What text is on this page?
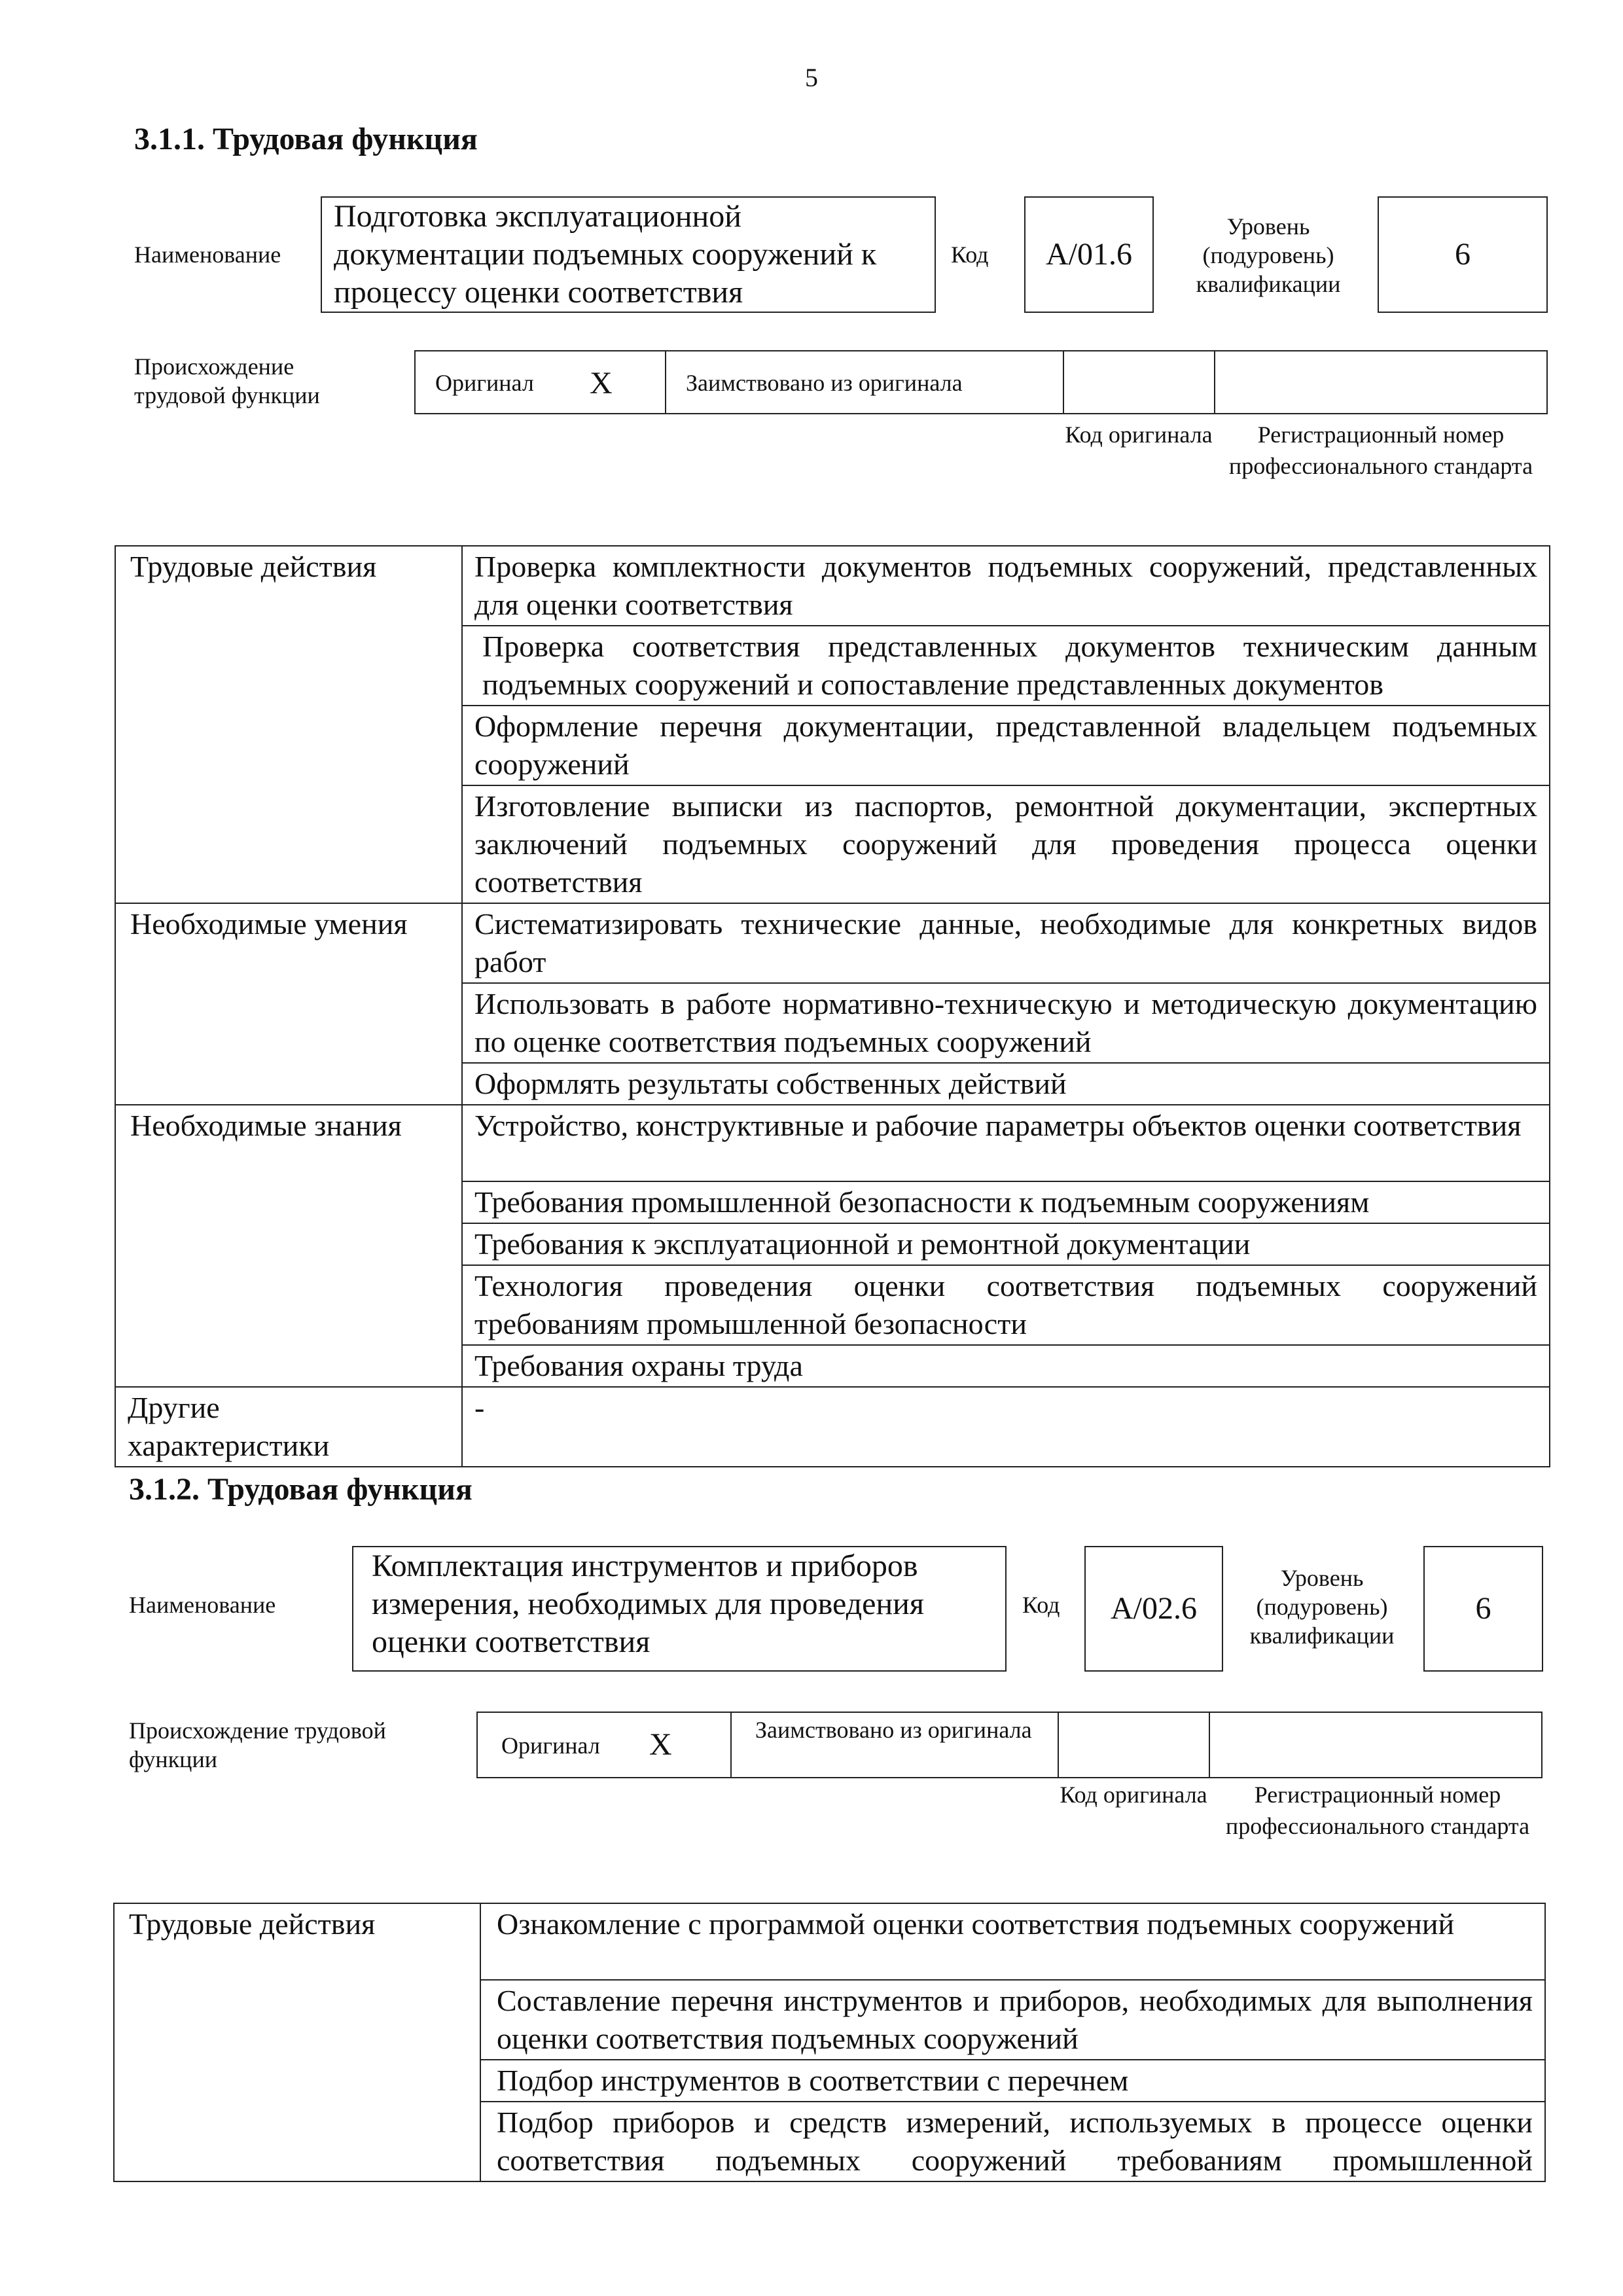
5
3.1.1. Трудовая функция
Наименование
Подготовка эксплуатационной документации подъемных сооружений к процессу оценки соответствия
Код А/01.6
Уровень (подуровень) квалификации
6
Происхождение трудовой функции	Оригинал Х	Заимствовано из оригинала
Код оригинала	Регистрационный номер профессионального стандарта
Трудовые действия	Проверка комплектности документов подъемных сооружений, представленных для оценки соответствия
	Проверка соответствия представленных документов техническим данным подъемных сооружений и сопоставление представленных документов
	Оформление перечня документации, представленной владельцем подъемных сооружений
	Изготовление выписки из паспортов, ремонтной документации, экспертных заключений подъемных сооружений для проведения процесса оценки соответствия
Необходимые умения	Систематизировать технические данные, необходимые для конкретных видов работ
	Использовать в работе нормативно-техническую и методическую документацию по оценке соответствия подъемных сооружений
	Оформлять результаты собственных действий
Необходимые знания	Устройство, конструктивные и рабочие параметры объектов оценки соответствия
	Требования промышленной безопасности к подъемным сооружениям
	Требования к эксплуатационной и ремонтной документации
	Технология проведения оценки соответствия подъемных сооружений требованиям промышленной безопасности
	Требования охраны труда
Другие характеристики	-
3.1.2. Трудовая функция
Наименование
Комплектация инструментов и приборов измерения, необходимых для проведения оценки соответствия
Код А/02.6
Уровень (подуровень) квалификации
6
Происхождение трудовой функции
Оригинал Х	Заимствовано из оригинала
Код оригинала	Регистрационный номер профессионального стандарта
Трудовые действия	Ознакомление с программой оценки соответствия подъемных сооружений
Составление перечня инструментов и приборов, необходимых для выполнения оценки соответствия подъемных сооружений
Подбор инструментов в соответствии с перечнем
Подбор приборов и средств измерений, используемых в процессе оценки соответствия подъемных сооружений требованиям промышленной
